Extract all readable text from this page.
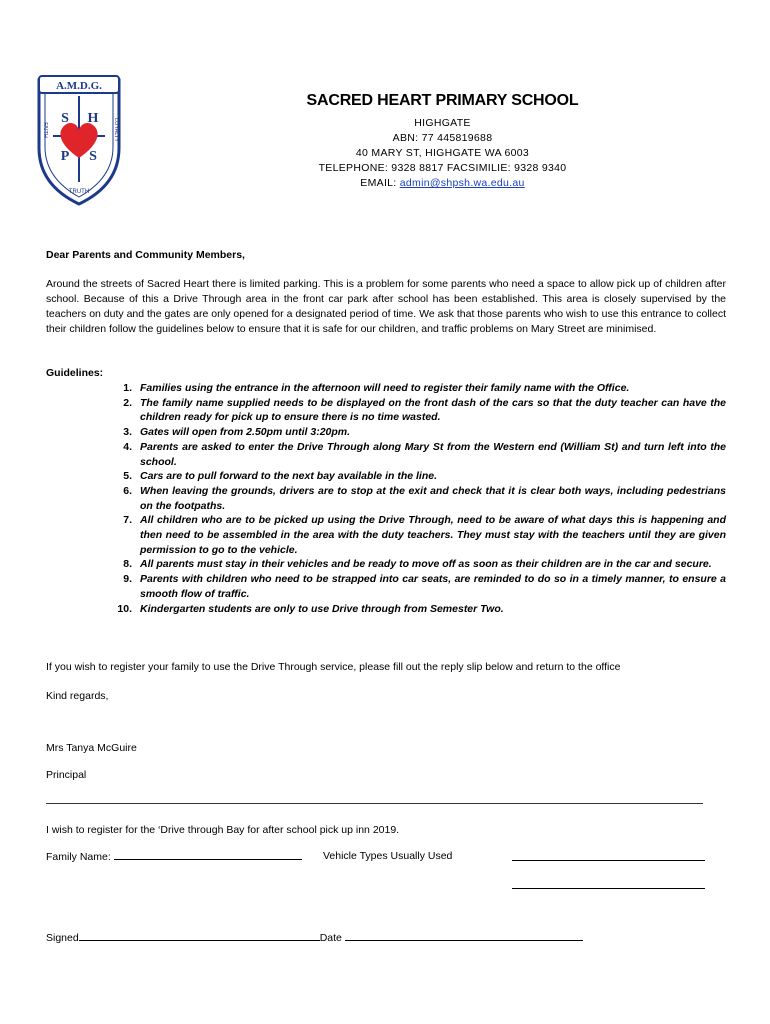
A.M.D.G.
S H
P S
FAITH	LOYALTY
TRUTH
SACRED HEART PRIMARY SCHOOL
HIGHGATE
ABN: 77 445819688
40 MARY ST, HIGHGATE WA 6003
TELEPHONE: 9328 8817 FACSIMILIE: 9328 9340
EMAIL: admin@shpsh.wa.edu.au
Dear Parents and Community Members,
Around the streets of Sacred Heart there is limited parking. This is a problem for some parents who need a space to allow pick up of children after school. Because of this a Drive Through area in the front car park after school has been established. This area is closely supervised by the teachers on duty and the gates are only opened for a designated period of time. We ask that those parents who wish to use this entrance to collect their children follow the guidelines below to ensure that it is safe for our children, and traffic problems on Mary Street are minimised.
Guidelines:
1. Families using the entrance in the afternoon will need to register their family name with the Office.
2. The family name supplied needs to be displayed on the front dash of the cars so that the duty teacher can have the children ready for pick up to ensure there is no time wasted.
3. Gates will open from 2.50pm until 3:20pm.
4. Parents are asked to enter the Drive Through along Mary St from the Western end (William St) and turn left into the school.
5. Cars are to pull forward to the next bay available in the line.
6. When leaving the grounds, drivers are to stop at the exit and check that it is clear both ways, including pedestrians on the footpaths.
7. All children who are to be picked up using the Drive Through, need to be aware of what days this is happening and then need to be assembled in the area with the duty teachers. They must stay with the teachers until they are given permission to go to the vehicle.
8. All parents must stay in their vehicles and be ready to move off as soon as their children are in the car and secure.
9. Parents with children who need to be strapped into car seats, are reminded to do so in a timely manner, to ensure a smooth flow of traffic.
10. Kindergarten students are only to use Drive through from Semester Two.
If you wish to register your family to use the Drive Through service, please fill out the reply slip below and return to the office
Kind regards,
Mrs Tanya McGuire
Principal
I wish to register for the ‘Drive through Bay for after school pick up inn 2019.
Family Name:	Vehicle Types Usually Used
Signed	Date
